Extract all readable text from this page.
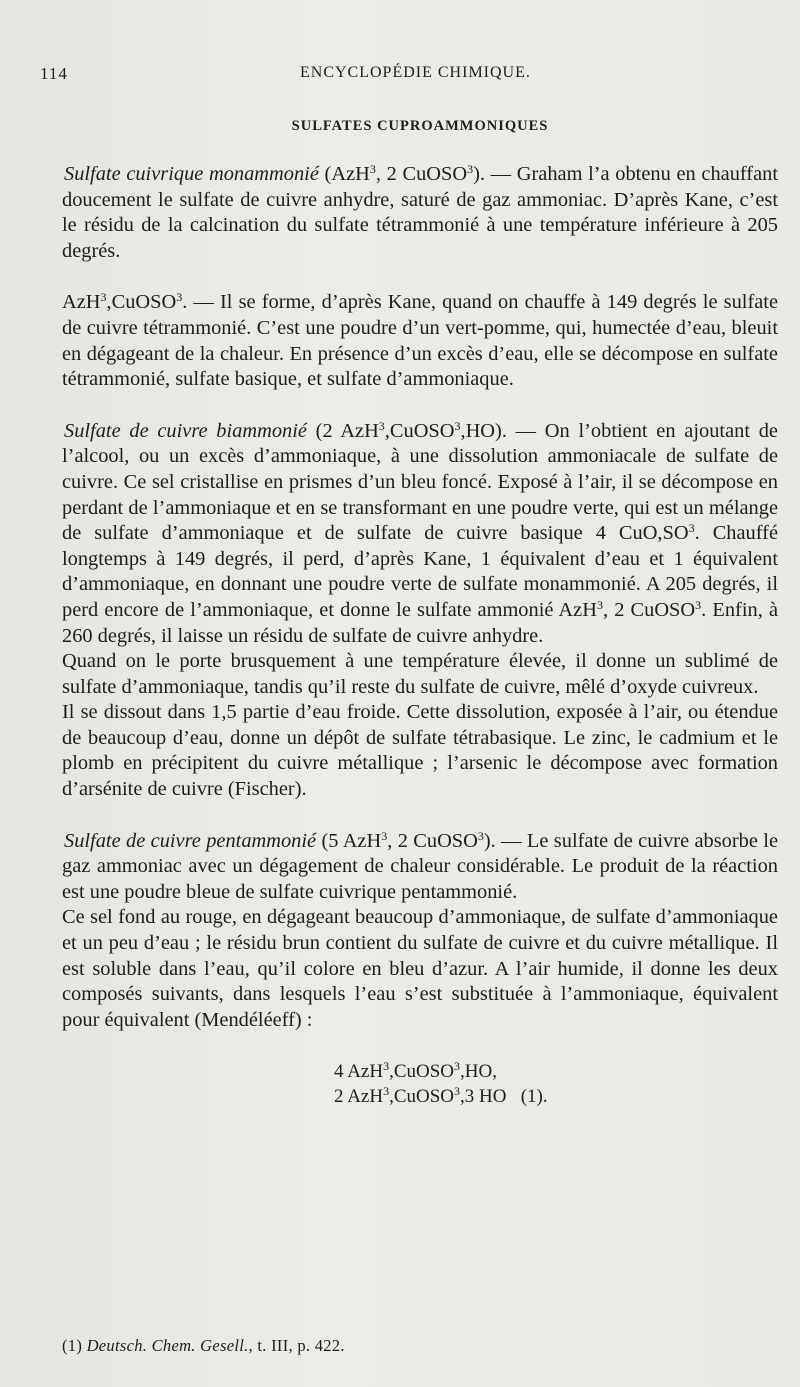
114	ENCYCLOPÉDIE CHIMIQUE.
SULFATES CUPROAMMONIQUES

Sulfate cuivrique monammonié (AzH$^3$, 2 CuOSO$^3$). — Graham l’a obtenu en chauffant doucement le sulfate de cuivre anhydre, saturé de gaz ammoniac. D’après Kane, c’est le résidu de la calcination du sulfate tétrammonié à une température inférieure à 205 degrés.

AzH$^3$,CuOSO$^3$. — Il se forme, d’après Kane, quand on chauffe à 149 degrés le sulfate de cuivre tétrammonié. C’est une poudre d’un vert-pomme, qui, humectée d’eau, bleuit en dégageant de la chaleur. En présence d’un excès d’eau, elle se décompose en sulfate tétrammonié, sulfate basique, et sulfate d’ammoniaque.

Sulfate de cuivre biammonié (2 AzH$^3$,CuOSO$^3$,HO). — On l’obtient en ajoutant de l’alcool, ou un excès d’ammoniaque, à une dissolution ammoniacale de sulfate de cuivre. Ce sel cristallise en prismes d’un bleu foncé. Exposé à l’air, il se décompose en perdant de l’ammoniaque et en se transformant en une poudre verte, qui est un mélange de sulfate d’ammoniaque et de sulfate de cuivre basique 4 $CuO,SO^3$. Chauffé longtemps à 149 degrés, il perd, d’après Kane, 1 équivalent d’eau et 1 équivalent d’ammoniaque, en donnant une poudre verte de sulfate monammonié. A 205 degrés, il perd encore de l’ammoniaque, et donne le sulfate ammonié AzH$^3$, 2 CuOSO$^3$. Enfin, à 260 degrés, il laisse un résidu de sulfate de cuivre anhydre.

Quand on le porte brusquement à une température élevée, il donne un sublimé de sulfate d’ammoniaque, tandis qu’il reste du sulfate de cuivre, mêlé d’oxyde cuivreux.

Il se dissout dans 1,5 partie d’eau froide. Cette dissolution, exposée à l’air, ou étendue de beaucoup d’eau, donne un dépôt de sulfate tétrabasique. Le zinc, le cadmium et le plomb en précipitent du cuivre métallique ; l’arsenic le décompose avec formation d’arsénite de cuivre (Fischer).

Sulfate de cuivre pentammonié (5 AzH$^3$, 2 CuOSO$^3$). — Le sulfate de cuivre absorbe le gaz ammoniac avec un dégagement de chaleur considérable. Le produit de la réaction est une poudre bleue de sulfate cuivrique pentammonié.

Ce sel fond au rouge, en dégageant beaucoup d’ammoniaque, de sulfate d’ammoniaque et un peu d’eau ; le résidu brun contient du sulfate de cuivre et du cuivre métallique. Il est soluble dans l’eau, qu’il colore en bleu d’azur. A l’air humide, il donne les deux composés suivants, dans lesquels l’eau s’est substituée à l’ammoniaque, équivalent pour équivalent (Mendéléeff) :

4 AzH$^3$,CuOSO$^3$,HO,
2 AzH$^3$,CuOSO$^3$,3 HO   (1).
(1) Deutsch. Chem. Gesell., t. III, p. 422.
